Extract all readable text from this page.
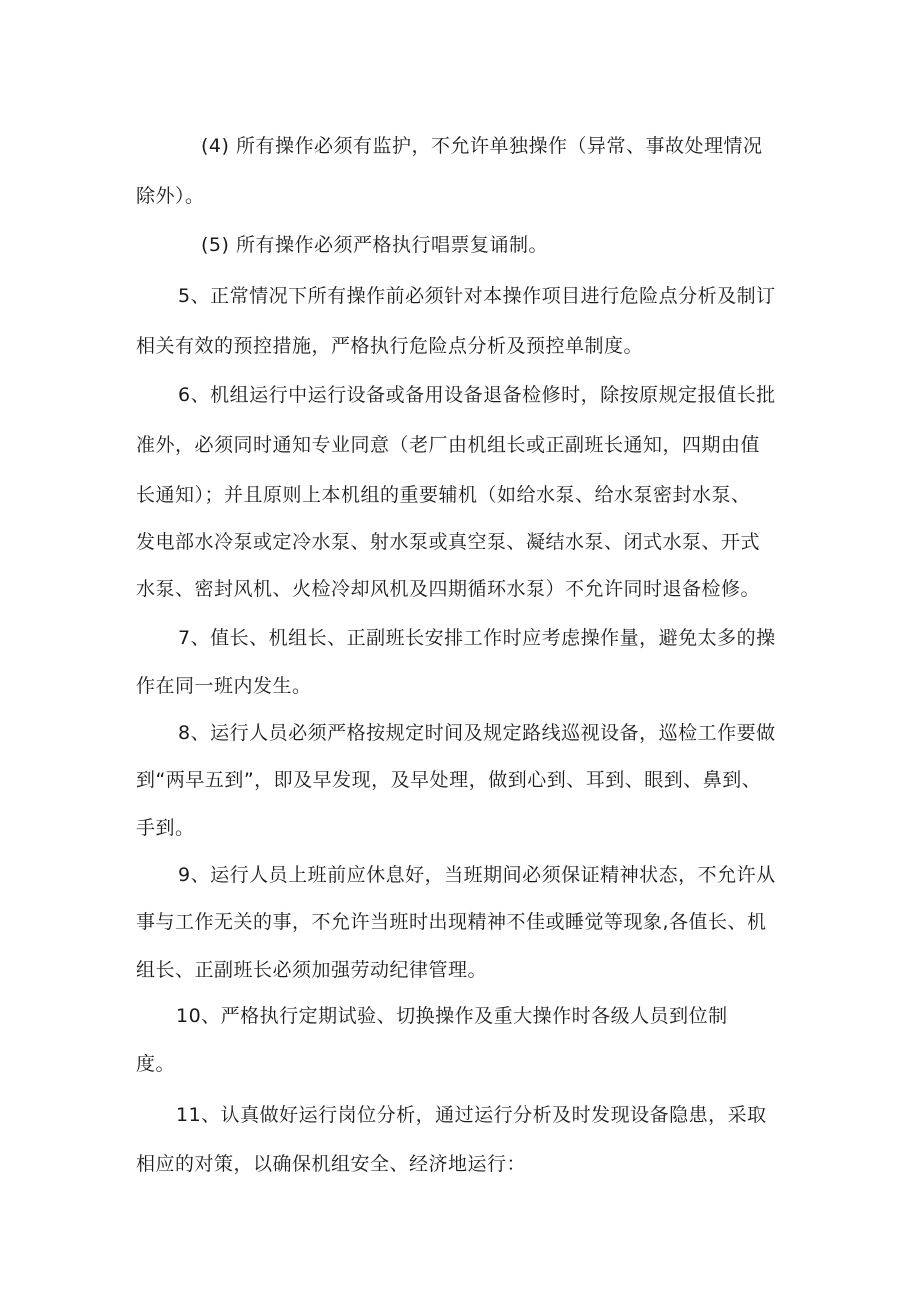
(4) 所有操作必须有监护，不允许单独操作（异常、事故处理情况

除外）。

(5) 所有操作必须严格执行唱票复诵制。

5、正常情况下所有操作前必须针对本操作项目进行危险点分析及制订

相关有效的预控措施，严格执行危险点分析及预控单制度。

6、机组运行中运行设备或备用设备退备检修时，除按原规定报值长批

准外，必须同时通知专业同意（老厂由机组长或正副班长通知，四期由值

长通知）；并且原则上本机组的重要辅机（如给水泵、给水泵密封水泵、

发电部水冷泵或定冷水泵、射水泵或真空泵、凝结水泵、闭式水泵、开式

水泵、密封风机、火检冷却风机及四期循环水泵）不允许同时退备检修。

7、值长、机组长、正副班长安排工作时应考虑操作量，避免太多的操

作在同一班内发生。

8、运行人员必须严格按规定时间及规定路线巡视设备，巡检工作要做

到“两早五到”，即及早发现，及早处理，做到心到、耳到、眼到、鼻到、

手到。

9、运行人员上班前应休息好，当班期间必须保证精神状态，不允许从

事与工作无关的事，不允许当班时出现精神不佳或睡觉等现象,各值长、机

组长、正副班长必须加强劳动纪律管理。

10、严格执行定期试验、切换操作及重大操作时各级人员到位制

度。

11、认真做好运行岗位分析，通过运行分析及时发现设备隐患，采取

相应的对策，以确保机组安全、经济地运行：
